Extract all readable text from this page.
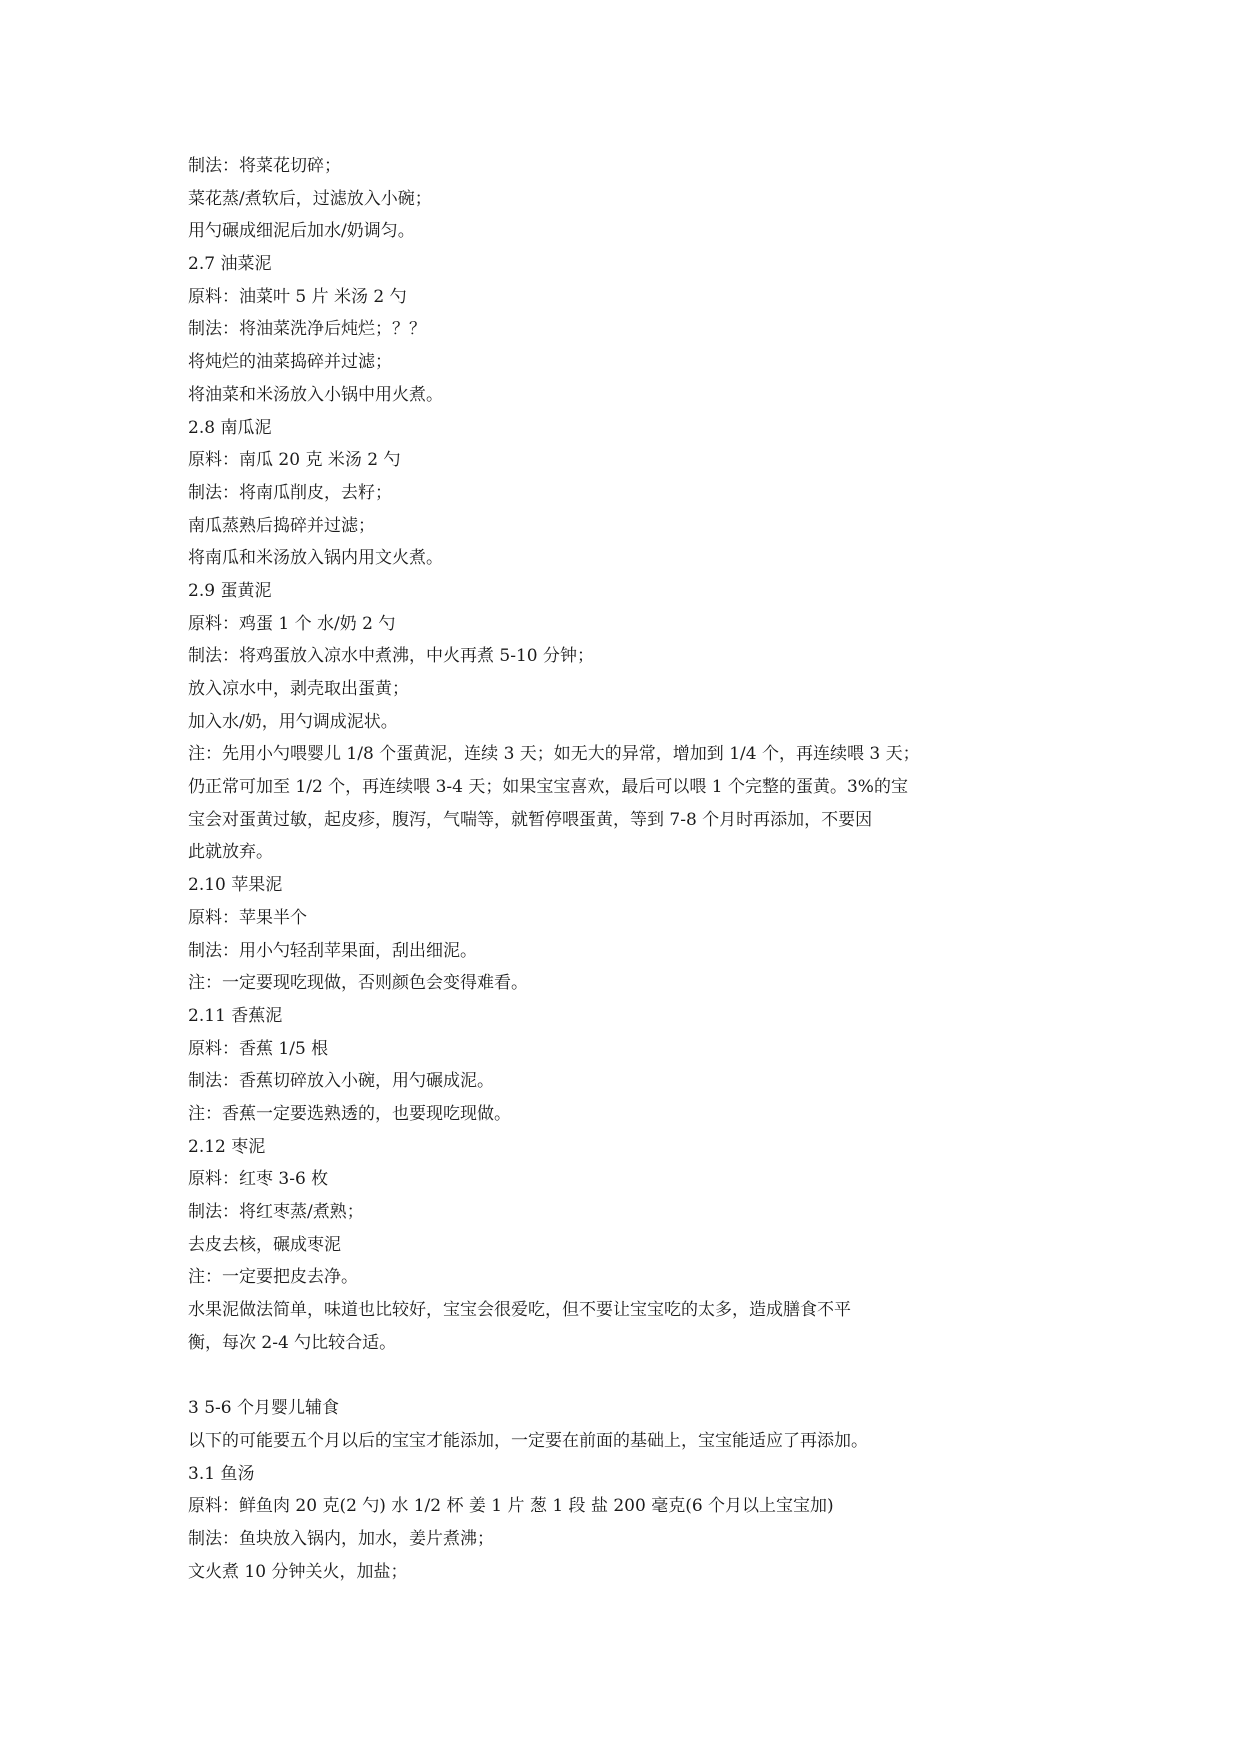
制法：将菜花切碎；
菜花蒸/煮软后，过滤放入小碗；
用勺碾成细泥后加水/奶调匀。
2.7 油菜泥
原料：油菜叶 5 片 米汤 2 勺
制法：将油菜洗净后炖烂；？？
将炖烂的油菜捣碎并过滤；
将油菜和米汤放入小锅中用火煮。
2.8 南瓜泥
原料：南瓜 20 克 米汤 2 勺
制法：将南瓜削皮，去籽；
南瓜蒸熟后捣碎并过滤；
将南瓜和米汤放入锅内用文火煮。
2.9 蛋黄泥
原料：鸡蛋 1 个 水/奶 2 勺
制法：将鸡蛋放入凉水中煮沸，中火再煮 5-10 分钟；
放入凉水中，剥壳取出蛋黄；
加入水/奶，用勺调成泥状。
注：先用小勺喂婴儿 1/8 个蛋黄泥，连续 3 天；如无大的异常，增加到 1/4 个，再连续喂 3 天；
仍正常可加至 1/2 个，再连续喂 3-4 天；如果宝宝喜欢，最后可以喂 1 个完整的蛋黄。3%的宝
宝会对蛋黄过敏，起皮疹，腹泻，气喘等，就暂停喂蛋黄，等到 7-8 个月时再添加，不要因
此就放弃。
2.10 苹果泥
原料：苹果半个
制法：用小勺轻刮苹果面，刮出细泥。
注：一定要现吃现做，否则颜色会变得难看。
2.11 香蕉泥
原料：香蕉 1/5 根
制法：香蕉切碎放入小碗，用勺碾成泥。
注：香蕉一定要选熟透的，也要现吃现做。
2.12 枣泥
原料：红枣 3-6 枚
制法：将红枣蒸/煮熟；
去皮去核，碾成枣泥
注：一定要把皮去净。
水果泥做法简单，味道也比较好，宝宝会很爱吃，但不要让宝宝吃的太多，造成膳食不平
衡，每次 2-4 勺比较合适。
3 5-6 个月婴儿辅食
以下的可能要五个月以后的宝宝才能添加，一定要在前面的基础上，宝宝能适应了再添加。
3.1 鱼汤
原料：鲜鱼肉 20 克(2 勺) 水 1/2 杯 姜 1 片 葱 1 段 盐 200 毫克(6 个月以上宝宝加)
制法：鱼块放入锅内，加水，姜片煮沸；
文火煮 10 分钟关火，加盐；
